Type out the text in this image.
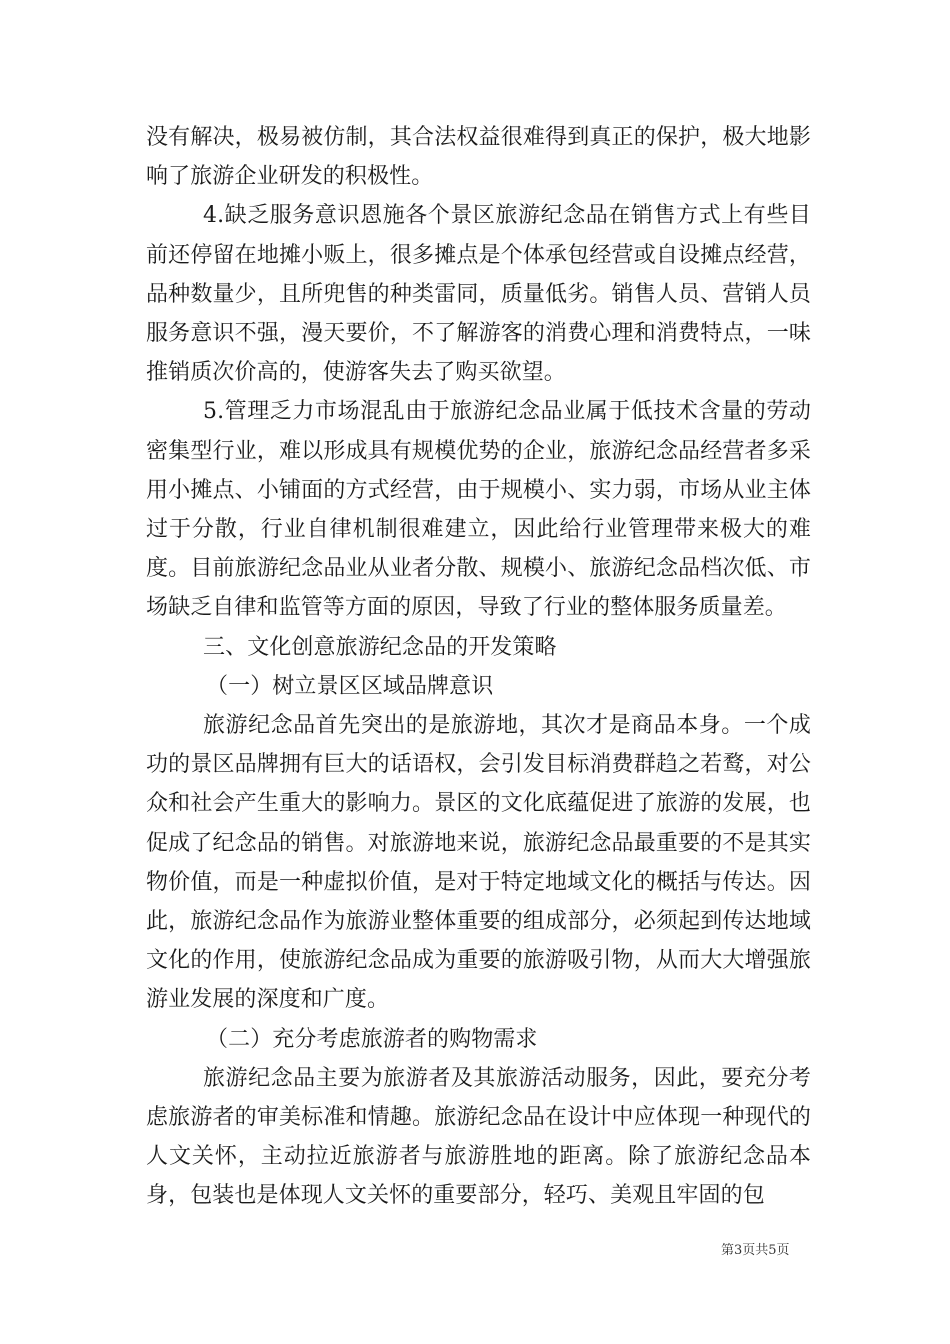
没有解决，极易被仿制，其合法权益很难得到真正的保护，极大地影响了旅游企业研发的积极性。

4.缺乏服务意识恩施各个景区旅游纪念品在销售方式上有些目前还停留在地摊小贩上，很多摊点是个体承包经营或自设摊点经营，品种数量少，且所兜售的种类雷同，质量低劣。销售人员、营销人员服务意识不强，漫天要价，不了解游客的消费心理和消费特点，一味推销质次价高的，使游客失去了购买欲望。

5.管理乏力市场混乱由于旅游纪念品业属于低技术含量的劳动密集型行业，难以形成具有规模优势的企业，旅游纪念品经营者多采用小摊点、小铺面的方式经营，由于规模小、实力弱，市场从业主体过于分散，行业自律机制很难建立，因此给行业管理带来极大的难度。目前旅游纪念品业从业者分散、规模小、旅游纪念品档次低、市场缺乏自律和监管等方面的原因，导致了行业的整体服务质量差。

三、文化创意旅游纪念品的开发策略

（一）树立景区区域品牌意识

旅游纪念品首先突出的是旅游地，其次才是商品本身。一个成功的景区品牌拥有巨大的话语权，会引发目标消费群趋之若鹜，对公众和社会产生重大的影响力。景区的文化底蕴促进了旅游的发展，也促成了纪念品的销售。对旅游地来说，旅游纪念品最重要的不是其实物价值，而是一种虚拟价值，是对于特定地域文化的概括与传达。因此，旅游纪念品作为旅游业整体重要的组成部分，必须起到传达地域文化的作用，使旅游纪念品成为重要的旅游吸引物，从而大大增强旅游业发展的深度和广度。

（二）充分考虑旅游者的购物需求

旅游纪念品主要为旅游者及其旅游活动服务，因此，要充分考虑旅游者的审美标准和情趣。旅游纪念品在设计中应体现一种现代的人文关怀，主动拉近旅游者与旅游胜地的距离。除了旅游纪念品本身，包装也是体现人文关怀的重要部分，轻巧、美观且牢固的包

第3页共5页
